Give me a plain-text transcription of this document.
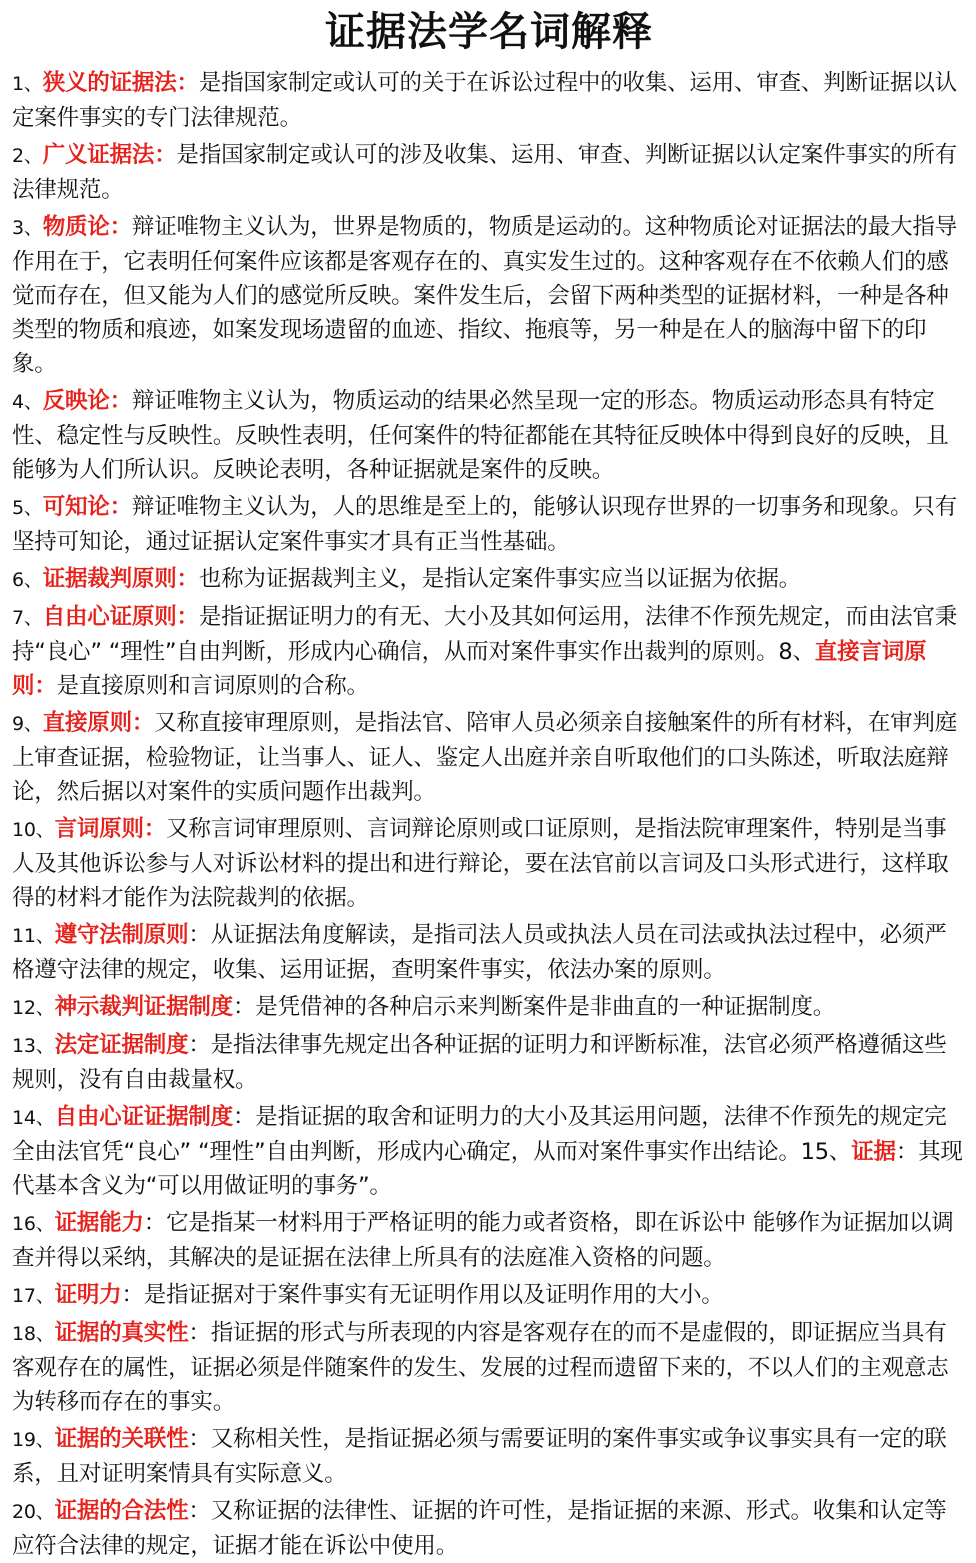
证据法学名词解释

1、狭义的证据法：是指国家制定或认可的关于在诉讼过程中的收集、运用、审查、判断证据以认定案件事实的专门法律规范。

2、广义证据法：是指国家制定或认可的涉及收集、运用、审查、判断证据以认定案件事实的所有法律规范。

3、物质论：辩证唯物主义认为，世界是物质的，物质是运动的。这种物质论对证据法的最大指导作用在于，它表明任何案件应该都是客观存在的、真实发生过的。这种客观存在不依赖人们的感觉而存在，但又能为人们的感觉所反映。案件发生后，会留下两种类型的证据材料，一种是各种类型的物质和痕迹，如案发现场遗留的血迹、指纹、拖痕等，另一种是在人的脑海中留下的印象。

4、反映论：辩证唯物主义认为，物质运动的结果必然呈现一定的形态。物质运动形态具有特定性、稳定性与反映性。反映性表明，任何案件的特征都能在其特征反映体中得到良好的反映，且能够为人们所认识。反映论表明，各种证据就是案件的反映。

5、可知论：辩证唯物主义认为，人的思维是至上的，能够认识现存世界的一切事务和现象。只有坚持可知论，通过证据认定案件事实才具有正当性基础。

6、证据裁判原则：也称为证据裁判主义，是指认定案件事实应当以证据为依据。

7、自由心证原则：是指证据证明力的有无、大小及其如何运用，法律不作预先规定，而由法官秉持“良心” “理性”自由判断，形成内心确信，从而对案件事实作出裁判的原则。8、直接言词原则：是直接原则和言词原则的合称。

9、直接原则：又称直接审理原则，是指法官、陪审人员必须亲自接触案件的所有材料，在审判庭上审查证据，检验物证，让当事人、证人、鉴定人出庭并亲自听取他们的口头陈述，听取法庭辩论，然后据以对案件的实质问题作出裁判。

10、言词原则：又称言词审理原则、言词辩论原则或口证原则，是指法院审理案件，特别是当事人及其他诉讼参与人对诉讼材料的提出和进行辩论，要在法官前以言词及口头形式进行，这样取得的材料才能作为法院裁判的依据。

11、遵守法制原则：从证据法角度解读，是指司法人员或执法人员在司法或执法过程中，必须严格遵守法律的规定，收集、运用证据，查明案件事实，依法办案的原则。

12、神示裁判证据制度：是凭借神的各种启示来判断案件是非曲直的一种证据制度。

13、法定证据制度：是指法律事先规定出各种证据的证明力和评断标准，法官必须严格遵循这些规则，没有自由裁量权。

14、自由心证证据制度：是指证据的取舍和证明力的大小及其运用问题，法律不作预先的规定完全由法官凭“良心” “理性”自由判断，形成内心确定，从而对案件事实作出结论。15、证据：其现代基本含义为“可以用做证明的事务”。

16、证据能力：它是指某一材料用于严格证明的能力或者资格，即在诉讼中 能够作为证据加以调查并得以采纳，其解决的是证据在法律上所具有的法庭准入资格的问题。

17、证明力：是指证据对于案件事实有无证明作用以及证明作用的大小。

18、证据的真实性：指证据的形式与所表现的内容是客观存在的而不是虚假的，即证据应当具有客观存在的属性，证据必须是伴随案件的发生、发展的过程而遗留下来的，不以人们的主观意志为转移而存在的事实。

19、证据的关联性：又称相关性，是指证据必须与需要证明的案件事实或争议事实具有一定的联系，且对证明案情具有实际意义。

20、证据的合法性：又称证据的法律性、证据的许可性，是指证据的来源、形式。收集和认定等应符合法律的规定，证据才能在诉讼中使用。
